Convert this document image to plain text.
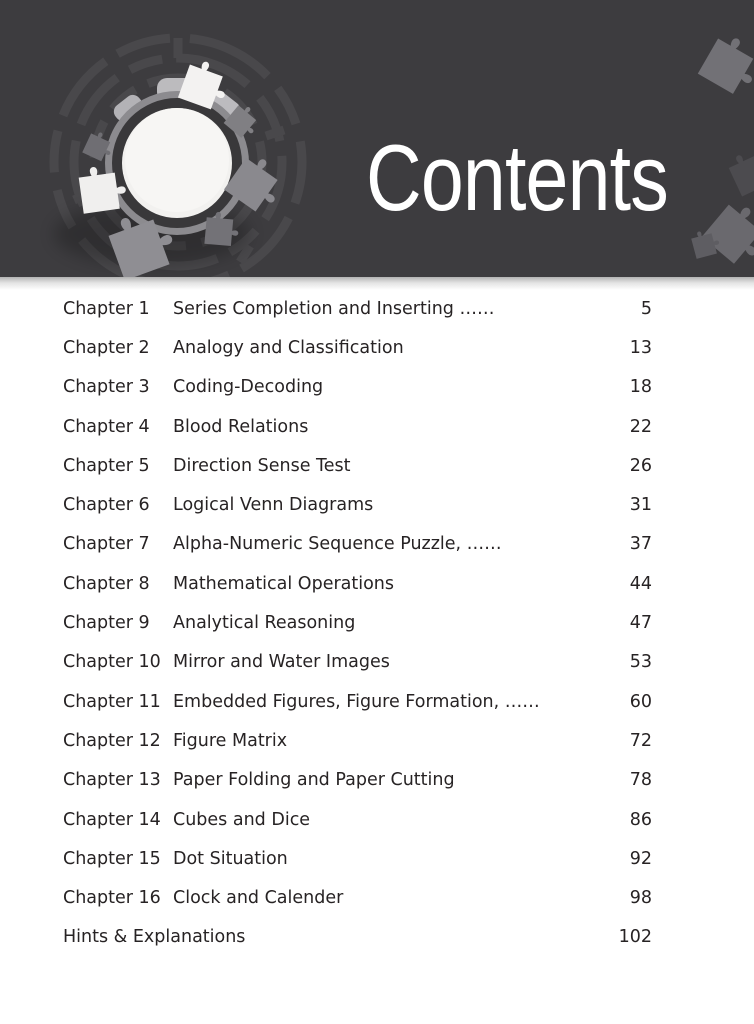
Contents
Chapter 1	Series Completion and Inserting ……	5
Chapter 2	Analogy and Classification	13
Chapter 3	Coding-Decoding	18
Chapter 4	Blood Relations	22
Chapter 5	Direction Sense Test	26
Chapter 6	Logical Venn Diagrams	31
Chapter 7	Alpha-Numeric Sequence Puzzle, ……	37
Chapter 8	Mathematical Operations	44
Chapter 9	Analytical Reasoning	47
Chapter 10 Mirror and Water Images	53
Chapter 11 Embedded Figures, Figure Formation, ……	60
Chapter 12 Figure Matrix	72
Chapter 13 Paper Folding and Paper Cutting	78
Chapter 14 Cubes and Dice	86
Chapter 15 Dot Situation	92
Chapter 16 Clock and Calender	98
Hints & Explanations	102
